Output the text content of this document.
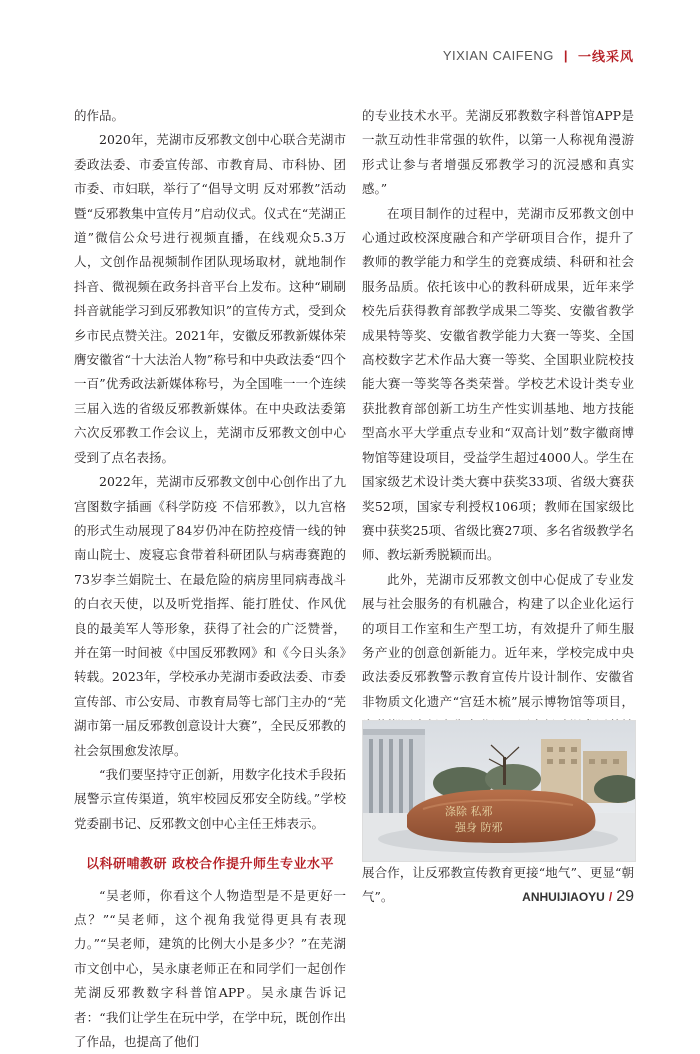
YIXIAN CAIFENG | 一线采风

的作品。

2020年，芜湖市反邪教文创中心联合芜湖市委政法委、市委宣传部、市教育局、市科协、团市委、市妇联，举行了“倡导文明 反对邪教”活动暨“反邪教集中宣传月”启动仪式。仪式在“芜湖正道”微信公众号进行视频直播，在线观众5.3万人，文创作品视频制作团队现场取材，就地制作抖音、微视频在政务抖音平台上发布。这种“刷刷抖音就能学习到反邪教知识”的宣传方式，受到众乡市民点赞关注。2021年，安徽反邪教新媒体荣膺安徽省“十大法治人物”称号和中央政法委“四个一百”优秀政法新媒体称号，为全国唯一一个连续三届入选的省级反邪教新媒体。在中央政法委第六次反邪教工作会议上，芜湖市反邪教文创中心受到了点名表扬。

2022年，芜湖市反邪教文创中心创作出了九宫图数字插画《科学防疫 不信邪教》，以九宫格的形式生动展现了84岁仍冲在防控疫情一线的钟南山院士、废寝忘食带着科研团队与病毒赛跑的73岁李兰娟院士、在最危险的病房里同病毒战斗的白衣天使，以及听党指挥、能打胜仗、作风优良的最美军人等形象，获得了社会的广泛赞誉，并在第一时间被《中国反邪教网》和《今日头条》转载。2023年，学校承办芜湖市委政法委、市委宣传部、市公安局、市教育局等七部门主办的“芜湖市第一届反邪教创意设计大赛”，全民反邪教的社会氛围愈发浓厚。

“我们要坚持守正创新，用数字化技术手段拓展警示宣传渠道，筑牢校园反邪安全防线。”学校党委副书记、反邪教文创中心主任王炜表示。

以科研哺教研 政校合作提升师生专业水平

“吴老师，你看这个人物造型是不是更好一点？”“吴老师，这个视角我觉得更具有表现力。”“吴老师，建筑的比例大小是多少？”在芜湖市文创中心，吴永康老师正在和同学们一起创作芜湖反邪教数字科普馆APP。吴永康告诉记者：“我们让学生在玩中学，在学中玩，既创作出了作品，也提高了他们

的专业技术水平。芜湖反邪教数字科普馆APP是一款互动性非常强的软件，以第一人称视角漫游形式让参与者增强反邪教学习的沉浸感和真实感。”

在项目制作的过程中，芜湖市反邪教文创中心通过政校深度融合和产学研项目合作，提升了教师的教学能力和学生的竞赛成绩、科研和社会服务品质。依托该中心的教科研成果，近年来学校先后获得教育部教学成果二等奖、安徽省教学成果特等奖、安徽省教学能力大赛一等奖、全国高校数字艺术作品大赛一等奖、全国职业院校技能大赛一等奖等各类荣誉。学校艺术设计类专业获批教育部创新工坊生产性实训基地、地方技能型高水平大学重点专业和“双高计划”数字徽商博物馆等建设项目，受益学生超过4000人。学生在国家级艺术设计类大赛中获奖33项、省级大赛获奖52项，国家专利授权106项；教师在国家级比赛中获奖25项、省级比赛27项、多名省级教学名师、教坛新秀脱颖而出。

此外，芜湖市反邪教文创中心促成了专业发展与社会服务的有机融合，构建了以企业化运行的项目工作室和生产型工坊，有效提升了师生服务产业的创意创新能力。近年来，学校完成中央政法委反邪教警示教育宣传片设计制作、安徽省非物质文化遗产“宫廷木梳”展示博物馆等项目，

展合作，让反邪教宣传教育更接“地气”、更显“朝气”。

涤除 私邪
强身 防邪
ANHUIJIAOYU / 29
